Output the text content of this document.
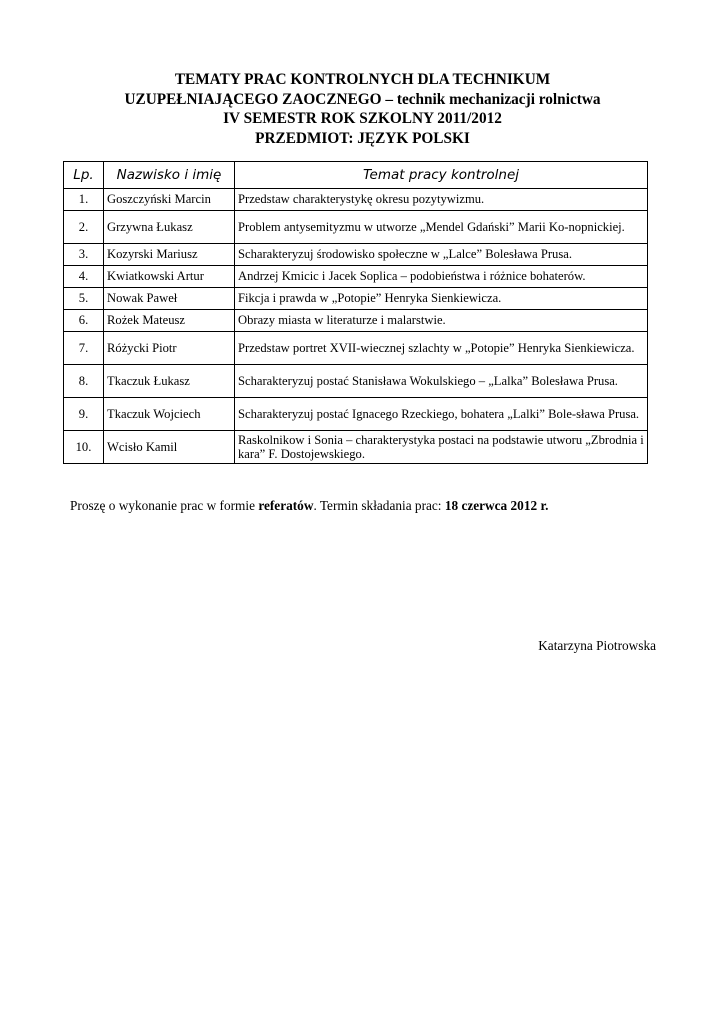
TEMATY PRAC KONTROLNYCH DLA TECHNIKUM
UZUPEŁNIAJĄCEGO ZAOCZNEGO – technik mechanizacji rolnictwa
IV SEMESTR ROK SZKOLNY 2011/2012
PRZEDMIOT: JĘZYK POLSKI
Lp.	Nazwisko i imię	Temat pracy kontrolnej
1.	Goszczyński Marcin	Przedstaw charakterystykę okresu pozytywizmu.
2.	Grzywna Łukasz	Problem antysemityzmu w utworze „Mendel Gdański” Marii Ko-nopnickiej.
3.	Kozyrski Mariusz	Scharakteryzuj środowisko społeczne w „Lalce” Bolesława Prusa.
4.	Kwiatkowski Artur	Andrzej Kmicic i Jacek Soplica – podobieństwa i różnice bohaterów.
5.	Nowak Paweł	Fikcja i prawda w „Potopie” Henryka Sienkiewicza.
6.	Rożek Mateusz	Obrazy miasta w literaturze i malarstwie.
7.	Różycki Piotr	Przedstaw portret XVII-wiecznej szlachty w „Potopie” Henryka Sienkiewicza.
8.	Tkaczuk Łukasz	Scharakteryzuj postać Stanisława Wokulskiego – „Lalka” Bolesława Prusa.
9.	Tkaczuk Wojciech	Scharakteryzuj postać Ignacego Rzeckiego, bohatera „Lalki” Bole-sława Prusa.
10.	Wcisło Kamil	Raskolnikow i Sonia – charakterystyka postaci na podstawie utworu „Zbrodnia i kara” F. Dostojewskiego.
Proszę o wykonanie prac w formie referatów. Termin składania prac: 18 czerwca 2012 r.
Katarzyna Piotrowska
